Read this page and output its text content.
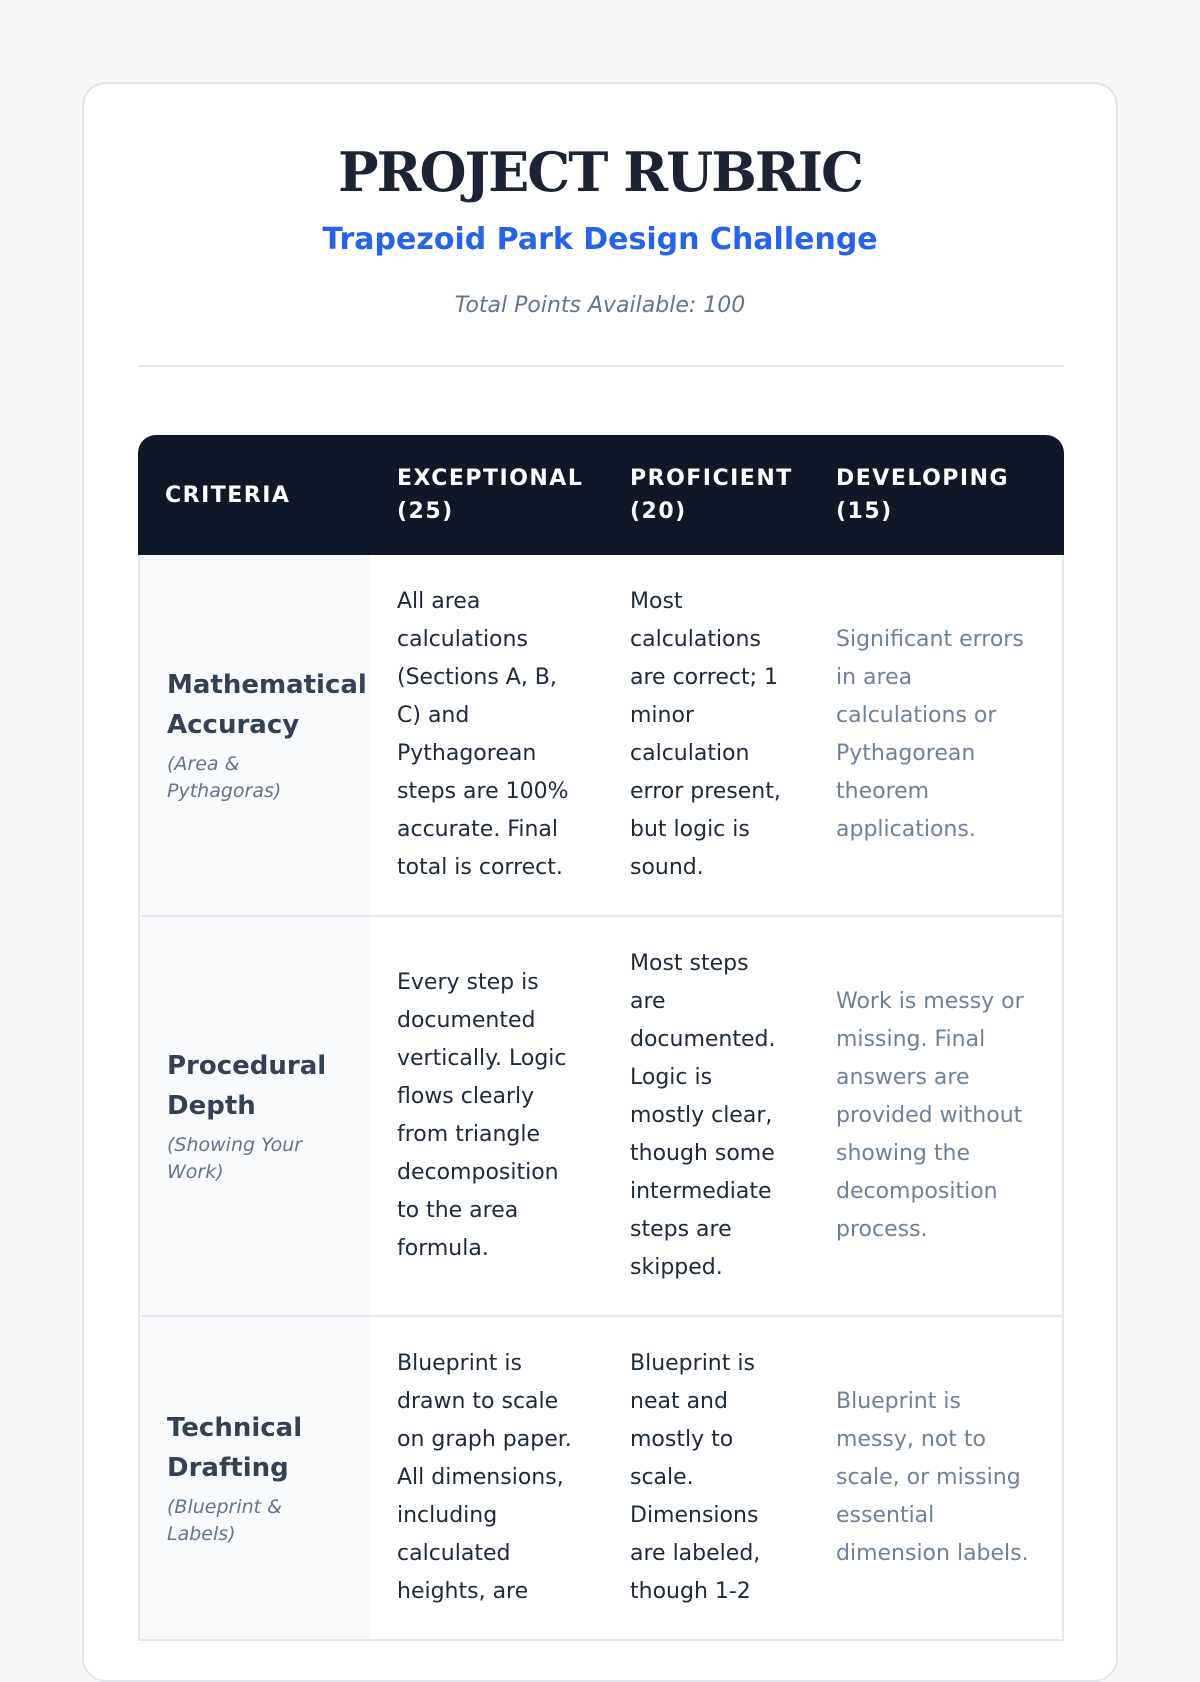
PROJECT RUBRIC
Trapezoid Park Design Challenge
Total Points Available: 100
CRITERIA	EXCEPTIONAL (25)	PROFICIENT (20)	DEVELOPING (15)

Mathematical Accuracy
(Area & Pythagoras)	All area calculations (Sections A, B, C) and Pythagorean steps are 100% accurate. Final total is correct.	Most calculations are correct; 1 minor calculation error present, but logic is sound.	Significant errors in area calculations or Pythagorean theorem applications.

Procedural Depth
(Showing Your Work)	Every step is documented vertically. Logic flows clearly from triangle decomposition to the area formula.	Most steps are documented. Logic is mostly clear, though some intermediate steps are skipped.	Work is messy or missing. Final answers are provided without showing the decomposition process.

Technical Drafting
(Blueprint & Labels)	Blueprint is drawn to scale on graph paper. All dimensions, including calculated heights, are	Blueprint is neat and mostly to scale. Dimensions are labeled, though 1-2	Blueprint is messy, not to scale, or missing essential dimension labels.
